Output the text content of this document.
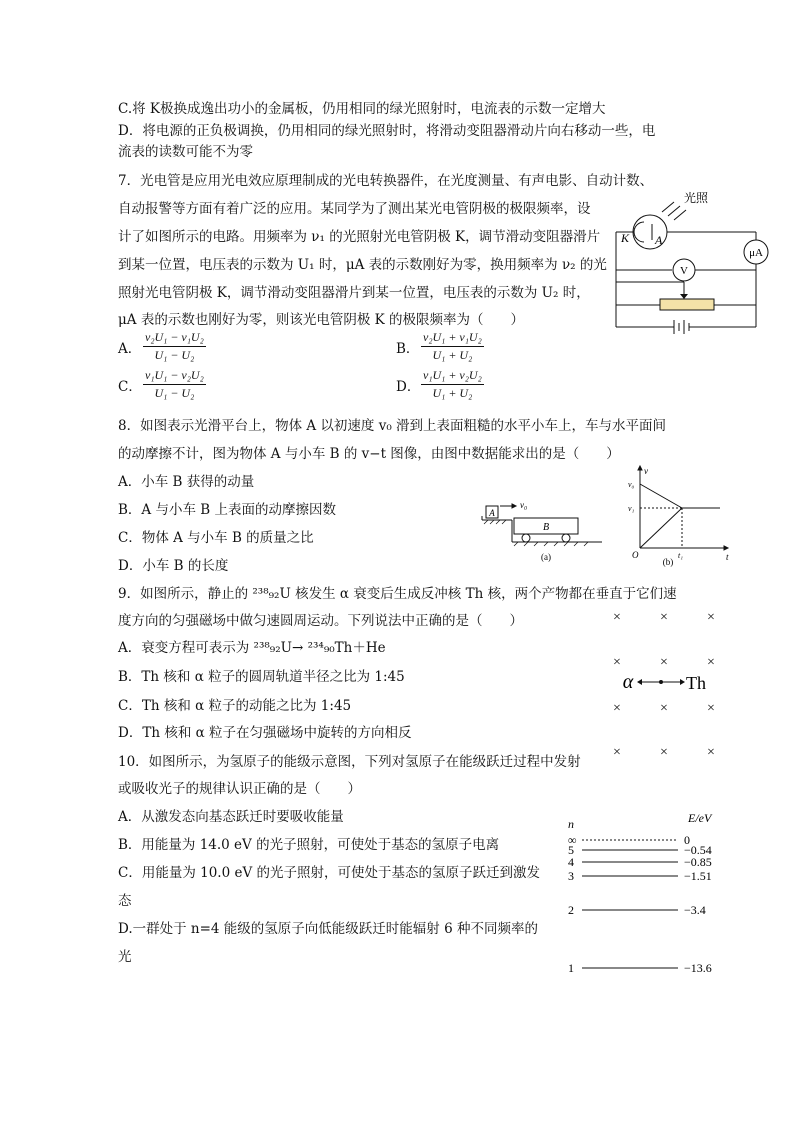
C.将 K极换成逸出功小的金属板，仍用相同的绿光照射时，电流表的示数一定增大
D．将电源的正负极调换，仍用相同的绿光照射时，将滑动变阻器滑动片向右移动一些，电
流表的读数可能不为零
7．光电管是应用光电效应原理制成的光电转换器件，在光度测量、有声电影、自动计数、
自动报警等方面有着广泛的应用。某同学为了测出某光电管阴极的极限频率，设
计了如图所示的电路。用频率为 ν₁ 的光照射光电管阴极 K，调节滑动变阻器滑片
到某一位置，电压表的示数为 U₁ 时，μA 表的示数刚好为零，换用频率为 ν₂ 的光
照射光电管阴极 K，调节滑动变阻器滑片到某一位置，电压表的示数为 U₂ 时，
μA 表的示数也刚好为零，则该光电管阴极 K 的极限频率为（　　）
A． $\frac{\text{ν₂U₁ − ν₁U₂}}{\text{U₁ − U₂}}$	B． $\frac{\text{ν₂U₁ + ν₁U₂}}{\text{U₁ + U₂}}$
C． $\frac{\text{ν₁U₁ − ν₂U₂}}{\text{U₁ − U₂}}$	D． $\frac{\text{ν₁U₁ + ν₂U₂}}{\text{U₁ + U₂}}$
光照
K A
μA
V
8．如图表示光滑平台上，物体 A 以初速度 v₀ 滑到上表面粗糙的水平小车上，车与水平面间
的动摩擦不计，图为物体 A 与小车 B 的 v−t 图像，由图中数据能求出的是（　　）
A．小车 B 获得的动量
B．A 与小车 B 上表面的动摩擦因数
C．物体 A 与小车 B 的质量之比
D．小车 B 的长度
A
v₀
B
(a)
v
t
v₀
v₁
O	t₁
(b)
9．如图所示，静止的 ²³⁸₉₂U 核发生 α 衰变后生成反冲核 Th 核，两个产物都在垂直于它们速
度方向的匀强磁场中做匀速圆周运动。下列说法中正确的是（　　）
A．衰变方程可表示为 ²³⁸₉₂U→ ²³⁴₉₀Th＋He
B．Th 核和 α 粒子的圆周轨道半径之比为 1:45
C．Th 核和 α 粒子的动能之比为 1:45
D．Th 核和 α 粒子在匀强磁场中旋转的方向相反
×	×	×
×	×	×
×	×	×
×	×	×
α	Th
10．如图所示，为氢原子的能级示意图，下列对氢原子在能级跃迁过程中发射
或吸收光子的规律认识正确的是（　　）
A．从激发态向基态跃迁时要吸收能量
B．用能量为 14.0 eV 的光子照射，可使处于基态的氢原子电离
C．用能量为 10.0 eV 的光子照射，可使处于基态的氢原子跃迁到激发
态
D.一群处于 n=4 能级的氢原子向低能级跃迁时能辐射 6 种不同频率的
光
n	E/eV
∞	0
5	−0.54
4	−0.85
3	−1.51
2	−3.4
1	−13.6
